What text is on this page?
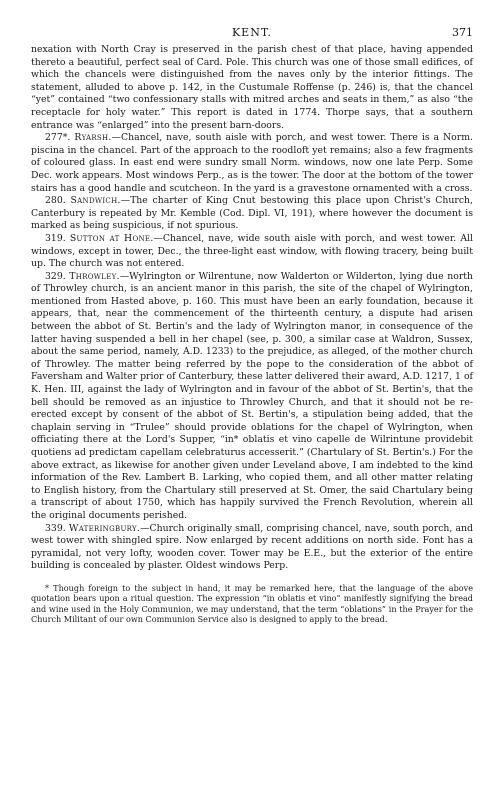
KENT.	371

nexation with North Cray is preserved in the parish chest of that place, having appended thereto a beautiful, perfect seal of Card. Pole. This church was one of those small edifices, of which the chancels were distinguished from the naves only by the interior fittings. The statement, alluded to above p. 142, in the Custumale Roffense (p. 246) is, that the chancel “yet” contained “two confessionary stalls with mitred arches and seats in them,” as also “the receptacle for holy water.” This report is dated in 1774. Thorpe says, that a southern entrance was “enlarged” into the present barn-doors.

277*. Ryarsh.—Chancel, nave, south aisle with porch, and west tower. There is a Norm. piscina in the chancel. Part of the approach to the roodloft yet remains; also a few fragments of coloured glass. In east end were sundry small Norm. windows, now one late Perp. Some Dec. work appears. Most windows Perp., as is the tower. The door at the bottom of the tower stairs has a good handle and scutcheon. In the yard is a gravestone ornamented with a cross.

280. Sandwich.—The charter of King Cnut bestowing this place upon Christ's Church, Canterbury is repeated by Mr. Kemble (Cod. Dipl. VI, 191), where however the document is marked as being suspicious, if not spurious.

319. Sutton at Hone.—Chancel, nave, wide south aisle with porch, and west tower. All windows, except in tower, Dec., the three-light east window, with flowing tracery, being built up. The church was not entered.

329. Throwley.—Wylrington or Wilrentune, now Walderton or Wilderton, lying due north of Throwley church, is an ancient manor in this parish, the site of the chapel of Wylrington, mentioned from Hasted above, p. 160. This must have been an early foundation, because it appears, that, near the commencement of the thirteenth century, a dispute had arisen between the abbot of St. Bertin's and the lady of Wylrington manor, in consequence of the latter having suspended a bell in her chapel (see, p. 300, a similar case at Waldron, Sussex, about the same period, namely, A.D. 1233) to the prejudice, as alleged, of the mother church of Throwley. The matter being referred by the pope to the consideration of the abbot of Faversham and Walter prior of Canterbury, these latter delivered their award, A.D. 1217, 1 of K. Hen. III, against the lady of Wylrington and in favour of the abbot of St. Bertin's, that the bell should be removed as an injustice to Throwley Church, and that it should not be re-erected except by consent of the abbot of St. Bertin's, a stipulation being added, that the chaplain serving in “Trulee” should provide oblations for the chapel of Wylrington, when officiating there at the Lord's Supper, “in* oblatis et vino capelle de Wilrintune providebit quotiens ad predictam capellam celebraturus accesserit.” (Chartulary of St. Bertin's.) For the above extract, as likewise for another given under Leveland above, I am indebted to the kind information of the Rev. Lambert B. Larking, who copied them, and all other matter relating to English history, from the Chartulary still preserved at St. Omer, the said Chartulary being a transcript of about 1750, which has happily survived the French Revolution, wherein all the original documents perished.

339. Wateringbury.—Church originally small, comprising chancel, nave, south porch, and west tower with shingled spire. Now enlarged by recent additions on north side. Font has a pyramidal, not very lofty, wooden cover. Tower may be E.E., but the exterior of the entire building is concealed by plaster. Oldest windows Perp.

* Though foreign to the subject in hand, it may be remarked here, that the language of the above quotation bears upon a ritual question. The expression “in oblatis et vino” manifestly signifying the bread and wine used in the Holy Communion, we may understand, that the term “oblations” in the Prayer for the Church Militant of our own Communion Service also is designed to apply to the bread.
